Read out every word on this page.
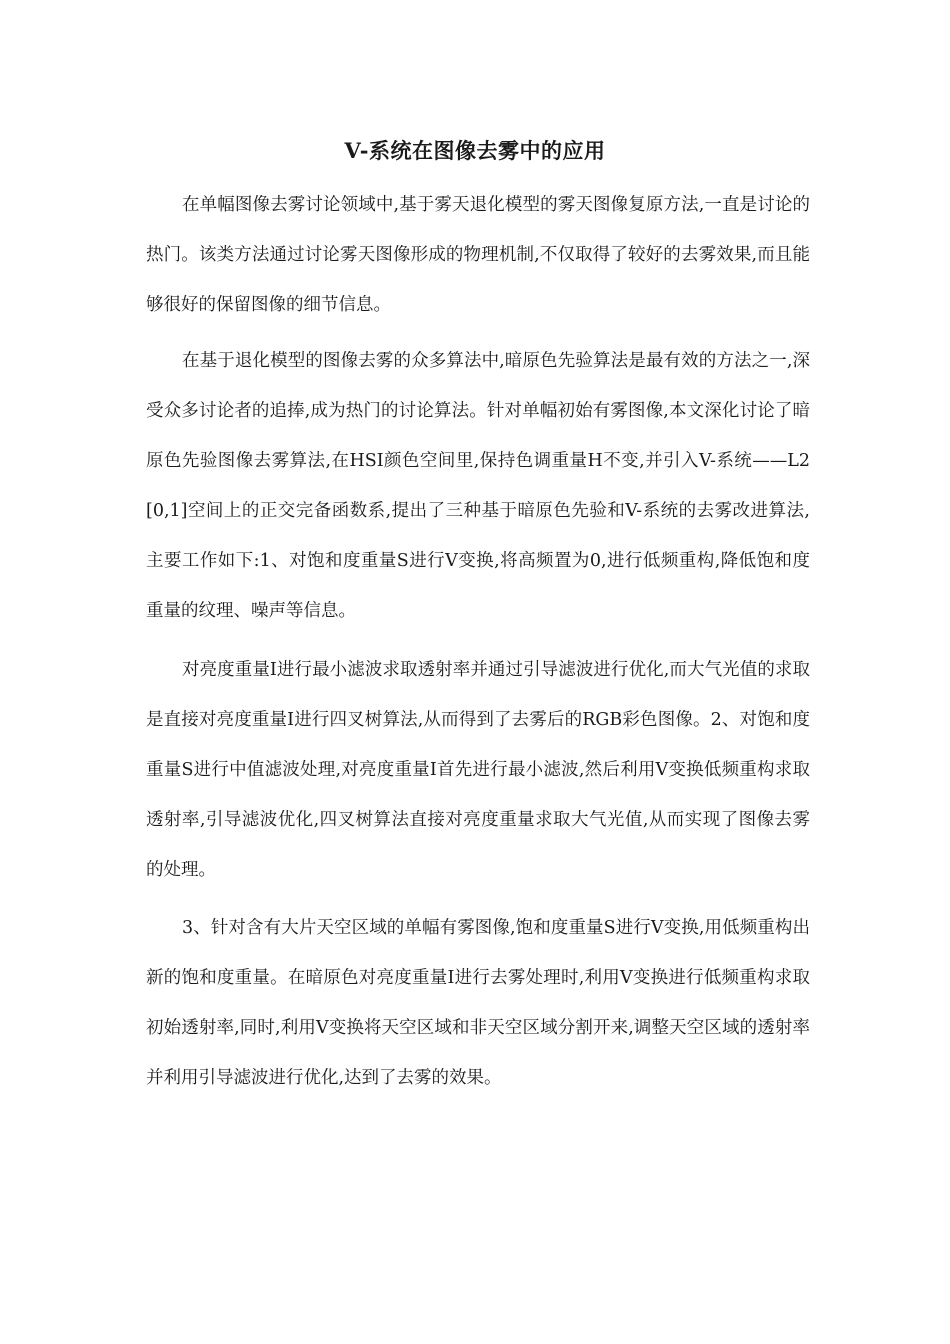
V-系统在图像去雾中的应用

在单幅图像去雾讨论领域中,基于雾天退化模型的雾天图像复原方法,一直是讨论的热门。该类方法通过讨论雾天图像形成的物理机制,不仅取得了较好的去雾效果,而且能够很好的保留图像的细节信息。

在基于退化模型的图像去雾的众多算法中,暗原色先验算法是最有效的方法之一,深受众多讨论者的追捧,成为热门的讨论算法。针对单幅初始有雾图像,本文深化讨论了暗原色先验图像去雾算法,在HSI颜色空间里,保持色调重量H不变,并引入V-系统——L2[0,1]空间上的正交完备函数系,提出了三种基于暗原色先验和V-系统的去雾改进算法,主要工作如下:1、对饱和度重量S进行V变换,将高频置为0,进行低频重构,降低饱和度重量的纹理、噪声等信息。

对亮度重量I进行最小滤波求取透射率并通过引导滤波进行优化,而大气光值的求取是直接对亮度重量I进行四叉树算法,从而得到了去雾后的RGB彩色图像。2、对饱和度重量S进行中值滤波处理,对亮度重量I首先进行最小滤波,然后利用V变换低频重构求取透射率,引导滤波优化,四叉树算法直接对亮度重量求取大气光值,从而实现了图像去雾的处理。

3、针对含有大片天空区域的单幅有雾图像,饱和度重量S进行V变换,用低频重构出新的饱和度重量。在暗原色对亮度重量I进行去雾处理时,利用V变换进行低频重构求取初始透射率,同时,利用V变换将天空区域和非天空区域分割开来,调整天空区域的透射率并利用引导滤波进行优化,达到了去雾的效果。
